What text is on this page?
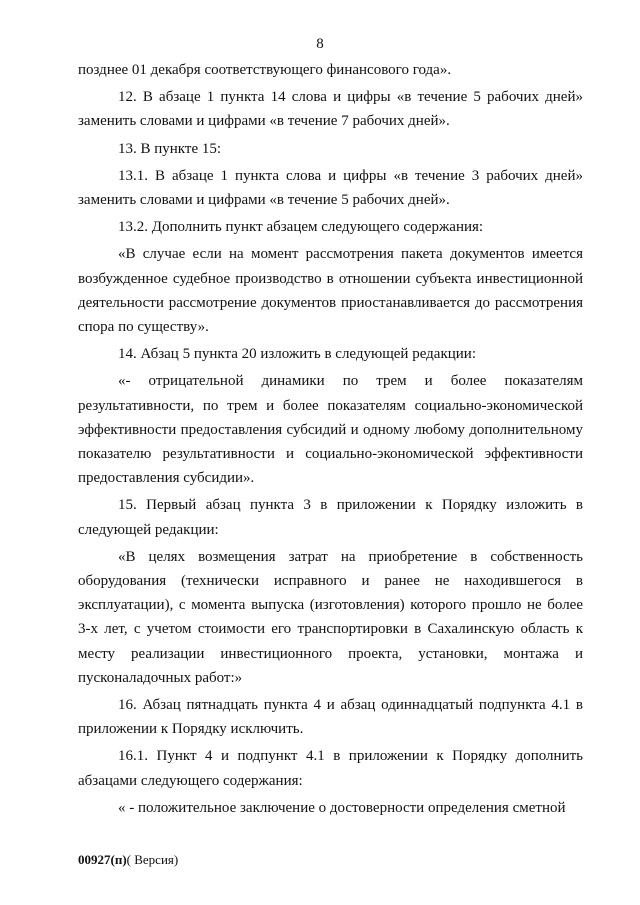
8

позднее 01 декабря соответствующего финансового года».

12. В абзаце 1 пункта 14 слова и цифры «в течение 5 рабочих дней» заменить словами и цифрами «в течение 7 рабочих дней».

13. В пункте 15:

13.1. В абзаце 1 пункта слова и цифры «в течение 3 рабочих дней» заменить словами и цифрами «в течение 5 рабочих дней».

13.2. Дополнить пункт абзацем следующего содержания:

«В случае если на момент рассмотрения пакета документов имеется возбужденное судебное производство в отношении субъекта инвестиционной деятельности рассмотрение документов приостанавливается до рассмотрения спора по существу».

14. Абзац 5 пункта 20 изложить в следующей редакции:

«- отрицательной динамики по трем и более показателям результативности, по трем и более показателям социально-экономической эффективности предоставления субсидий и одному любому дополнительному показателю результативности и социально-экономической эффективности предоставления субсидии».

15. Первый абзац пункта 3 в приложении к Порядку изложить в следующей редакции:

«В целях возмещения затрат на приобретение в собственность оборудования (технически исправного и ранее не находившегося в эксплуатации), с момента выпуска (изготовления) которого прошло не более 3-х лет, с учетом стоимости его транспортировки в Сахалинскую область к месту реализации инвестиционного проекта, установки, монтажа и пусконаладочных работ:»

16. Абзац пятнадцать пункта 4 и абзац одиннадцатый подпункта 4.1 в приложении к Порядку исключить.

16.1. Пункт 4 и подпункт 4.1 в приложении к Порядку дополнить абзацами следующего содержания:

« - положительное заключение о достоверности определения сметной

00927(п)( Версия)
